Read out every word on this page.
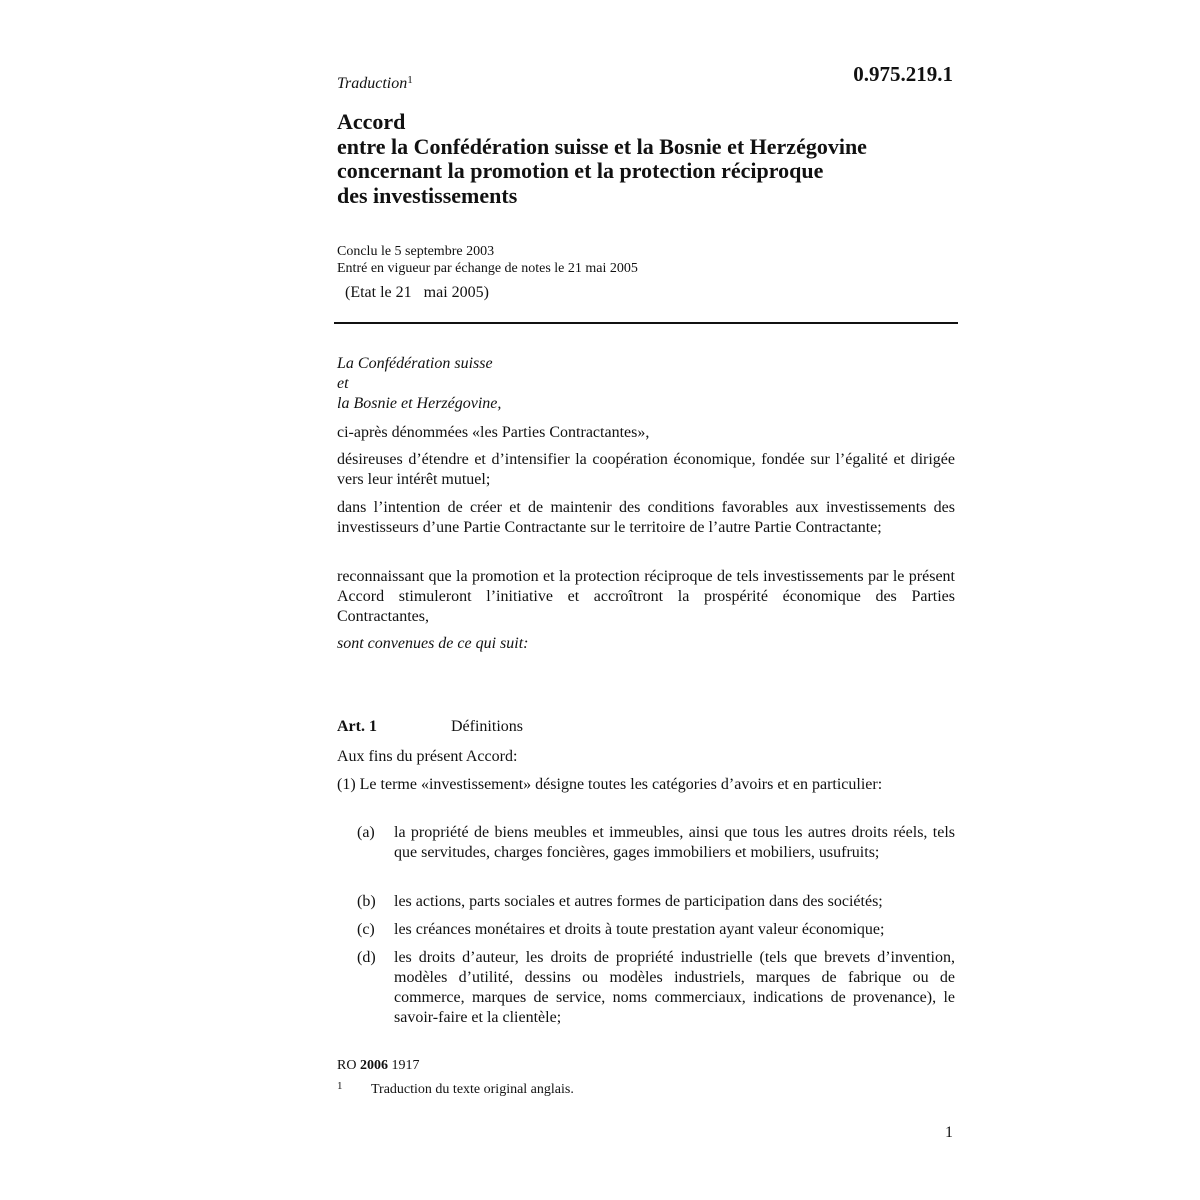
Traduction$^1$	0.975.219.1
Accord
entre la Confédération suisse et la Bosnie et Herzégovine
concernant la promotion et la protection réciproque
des investissements
Conclu le 5 septembre 2003
Entré en vigueur par échange de notes le 21 mai 2005
(Etat le 21   mai 2005)
La Confédération suisse
et
la Bosnie et Herzégovine,
ci-après dénommées «les Parties Contractantes»,
désireuses d’étendre et d’intensifier la coopération économique, fondée sur l’égalité et dirigée vers leur intérêt mutuel;
dans l’intention de créer et de maintenir des conditions favorables aux investissements des investisseurs d’une Partie Contractante sur le territoire de l’autre Partie Contractante;
reconnaissant que la promotion et la protection réciproque de tels investissements par le présent Accord stimuleront l’initiative et accroîtront la prospérité économique des Parties Contractantes,
sont convenues de ce qui suit:
Art. 1	Définitions
Aux fins du présent Accord:
(1) Le terme «investissement» désigne toutes les catégories d’avoirs et en particulier:
(a)	la propriété de biens meubles et immeubles, ainsi que tous les autres droits réels, tels que servitudes, charges foncières, gages immobiliers et mobiliers, usufruits;
(b)	les actions, parts sociales et autres formes de participation dans des sociétés;
(c)	les créances monétaires et droits à toute prestation ayant valeur économique;
(d)	les droits d’auteur, les droits de propriété industrielle (tels que brevets d’invention, modèles d’utilité, dessins ou modèles industriels, marques de fabrique ou de commerce, marques de service, noms commerciaux, indications de provenance), le savoir-faire et la clientèle;
RO 2006 1917
1 Traduction du texte original anglais.
1
